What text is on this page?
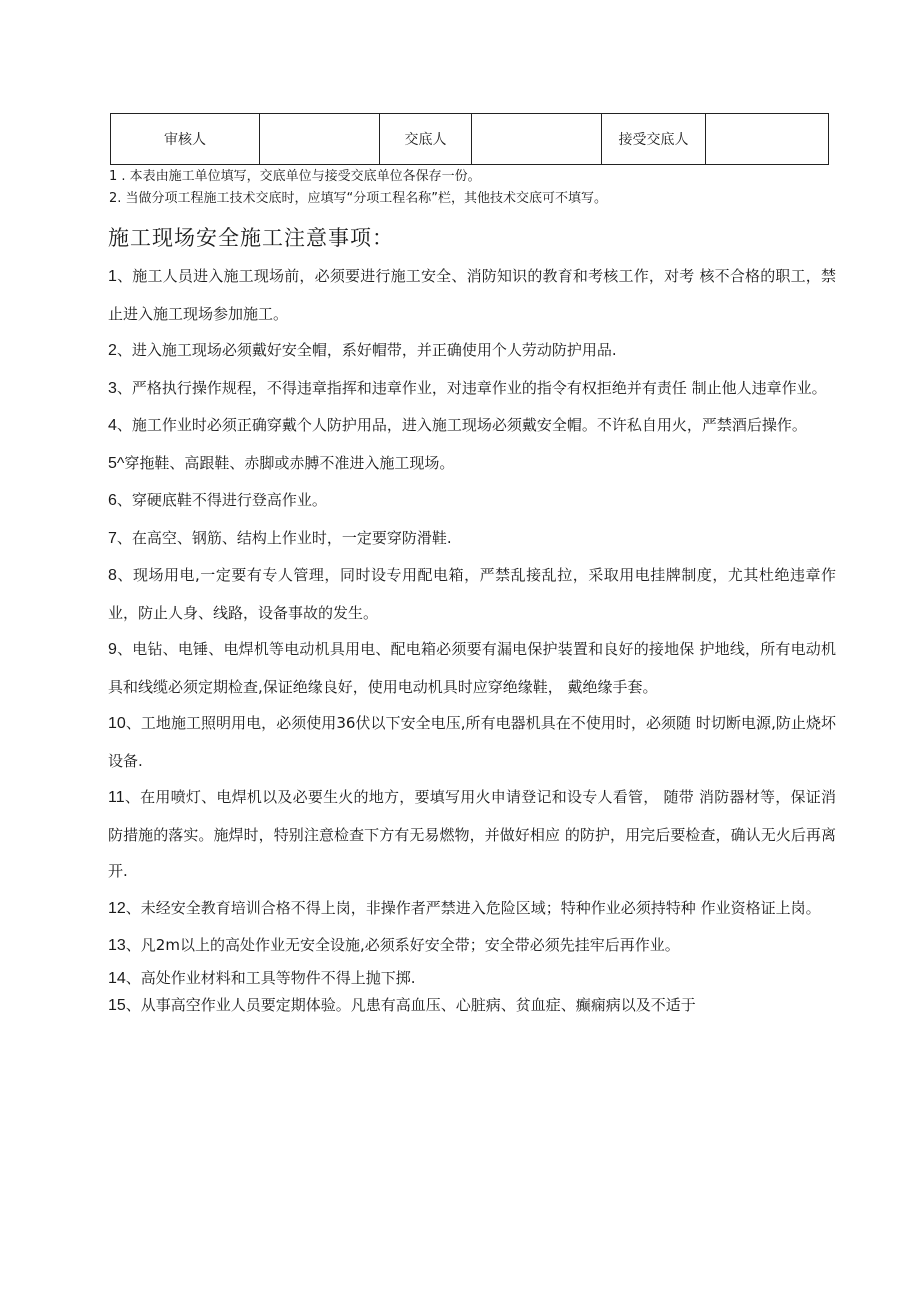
审核人		交底人		接受交底人	

1 . 本表由施工单位填写，交底单位与接受交底单位各保存一份。

2. 当做分项工程施工技术交底时，应填写“分项工程名称”栏，其他技术交底可不填写。

施工现场安全施工注意事项：

1、施工人员进入施工现场前，必须要进行施工安全、消防知识的教育和考核工作，对考 核不合格的职工，禁止进入施工现场参加施工。

2、进入施工现场必须戴好安全帽，系好帽带，并正确使用个人劳动防护用品.

3、严格执行操作规程，不得违章指挥和违章作业，对违章作业的指令有权拒绝并有责任 制止他人违章作业。

4、施工作业时必须正确穿戴个人防护用品，进入施工现场必须戴安全帽。不许私自用火，严禁酒后操作。

5^穿拖鞋、高跟鞋、赤脚或赤膊不准进入施工现场。

6、穿硬底鞋不得进行登高作业。

7、在高空、钢筋、结构上作业时，一定要穿防滑鞋.

8、现场用电,一定要有专人管理，同时设专用配电箱，严禁乱接乱拉，采取用电挂牌制度，尤其杜绝违章作业，防止人身、线路，设备事故的发生。

9、电钻、电锤、电焊机等电动机具用电、配电箱必须要有漏电保护装置和良好的接地保 护地线，所有电动机具和线缆必须定期检查,保证绝缘良好，使用电动机具时应穿绝缘鞋， 戴绝缘手套。

10、工地施工照明用电，必须使用36伏以下安全电压,所有电器机具在不使用时，必须随 时切断电源,防止烧坏设备.

11、在用喷灯、电焊机以及必要生火的地方，要填写用火申请登记和设专人看管， 随带 消防器材等，保证消防措施的落实。施焊时，特别注意检查下方有无易燃物，并做好相应 的防护，用完后要检查，确认无火后再离开.

12、未经安全教育培训合格不得上岗，非操作者严禁进入危险区域；特种作业必须持特种 作业资格证上岗。

13、凡2m以上的高处作业无安全设施,必须系好安全带；安全带必须先挂牢后再作业。

14、高处作业材料和工具等物件不得上抛下掷.

15、从事高空作业人员要定期体验。凡患有高血压、心脏病、贫血症、癫痫病以及不适于
